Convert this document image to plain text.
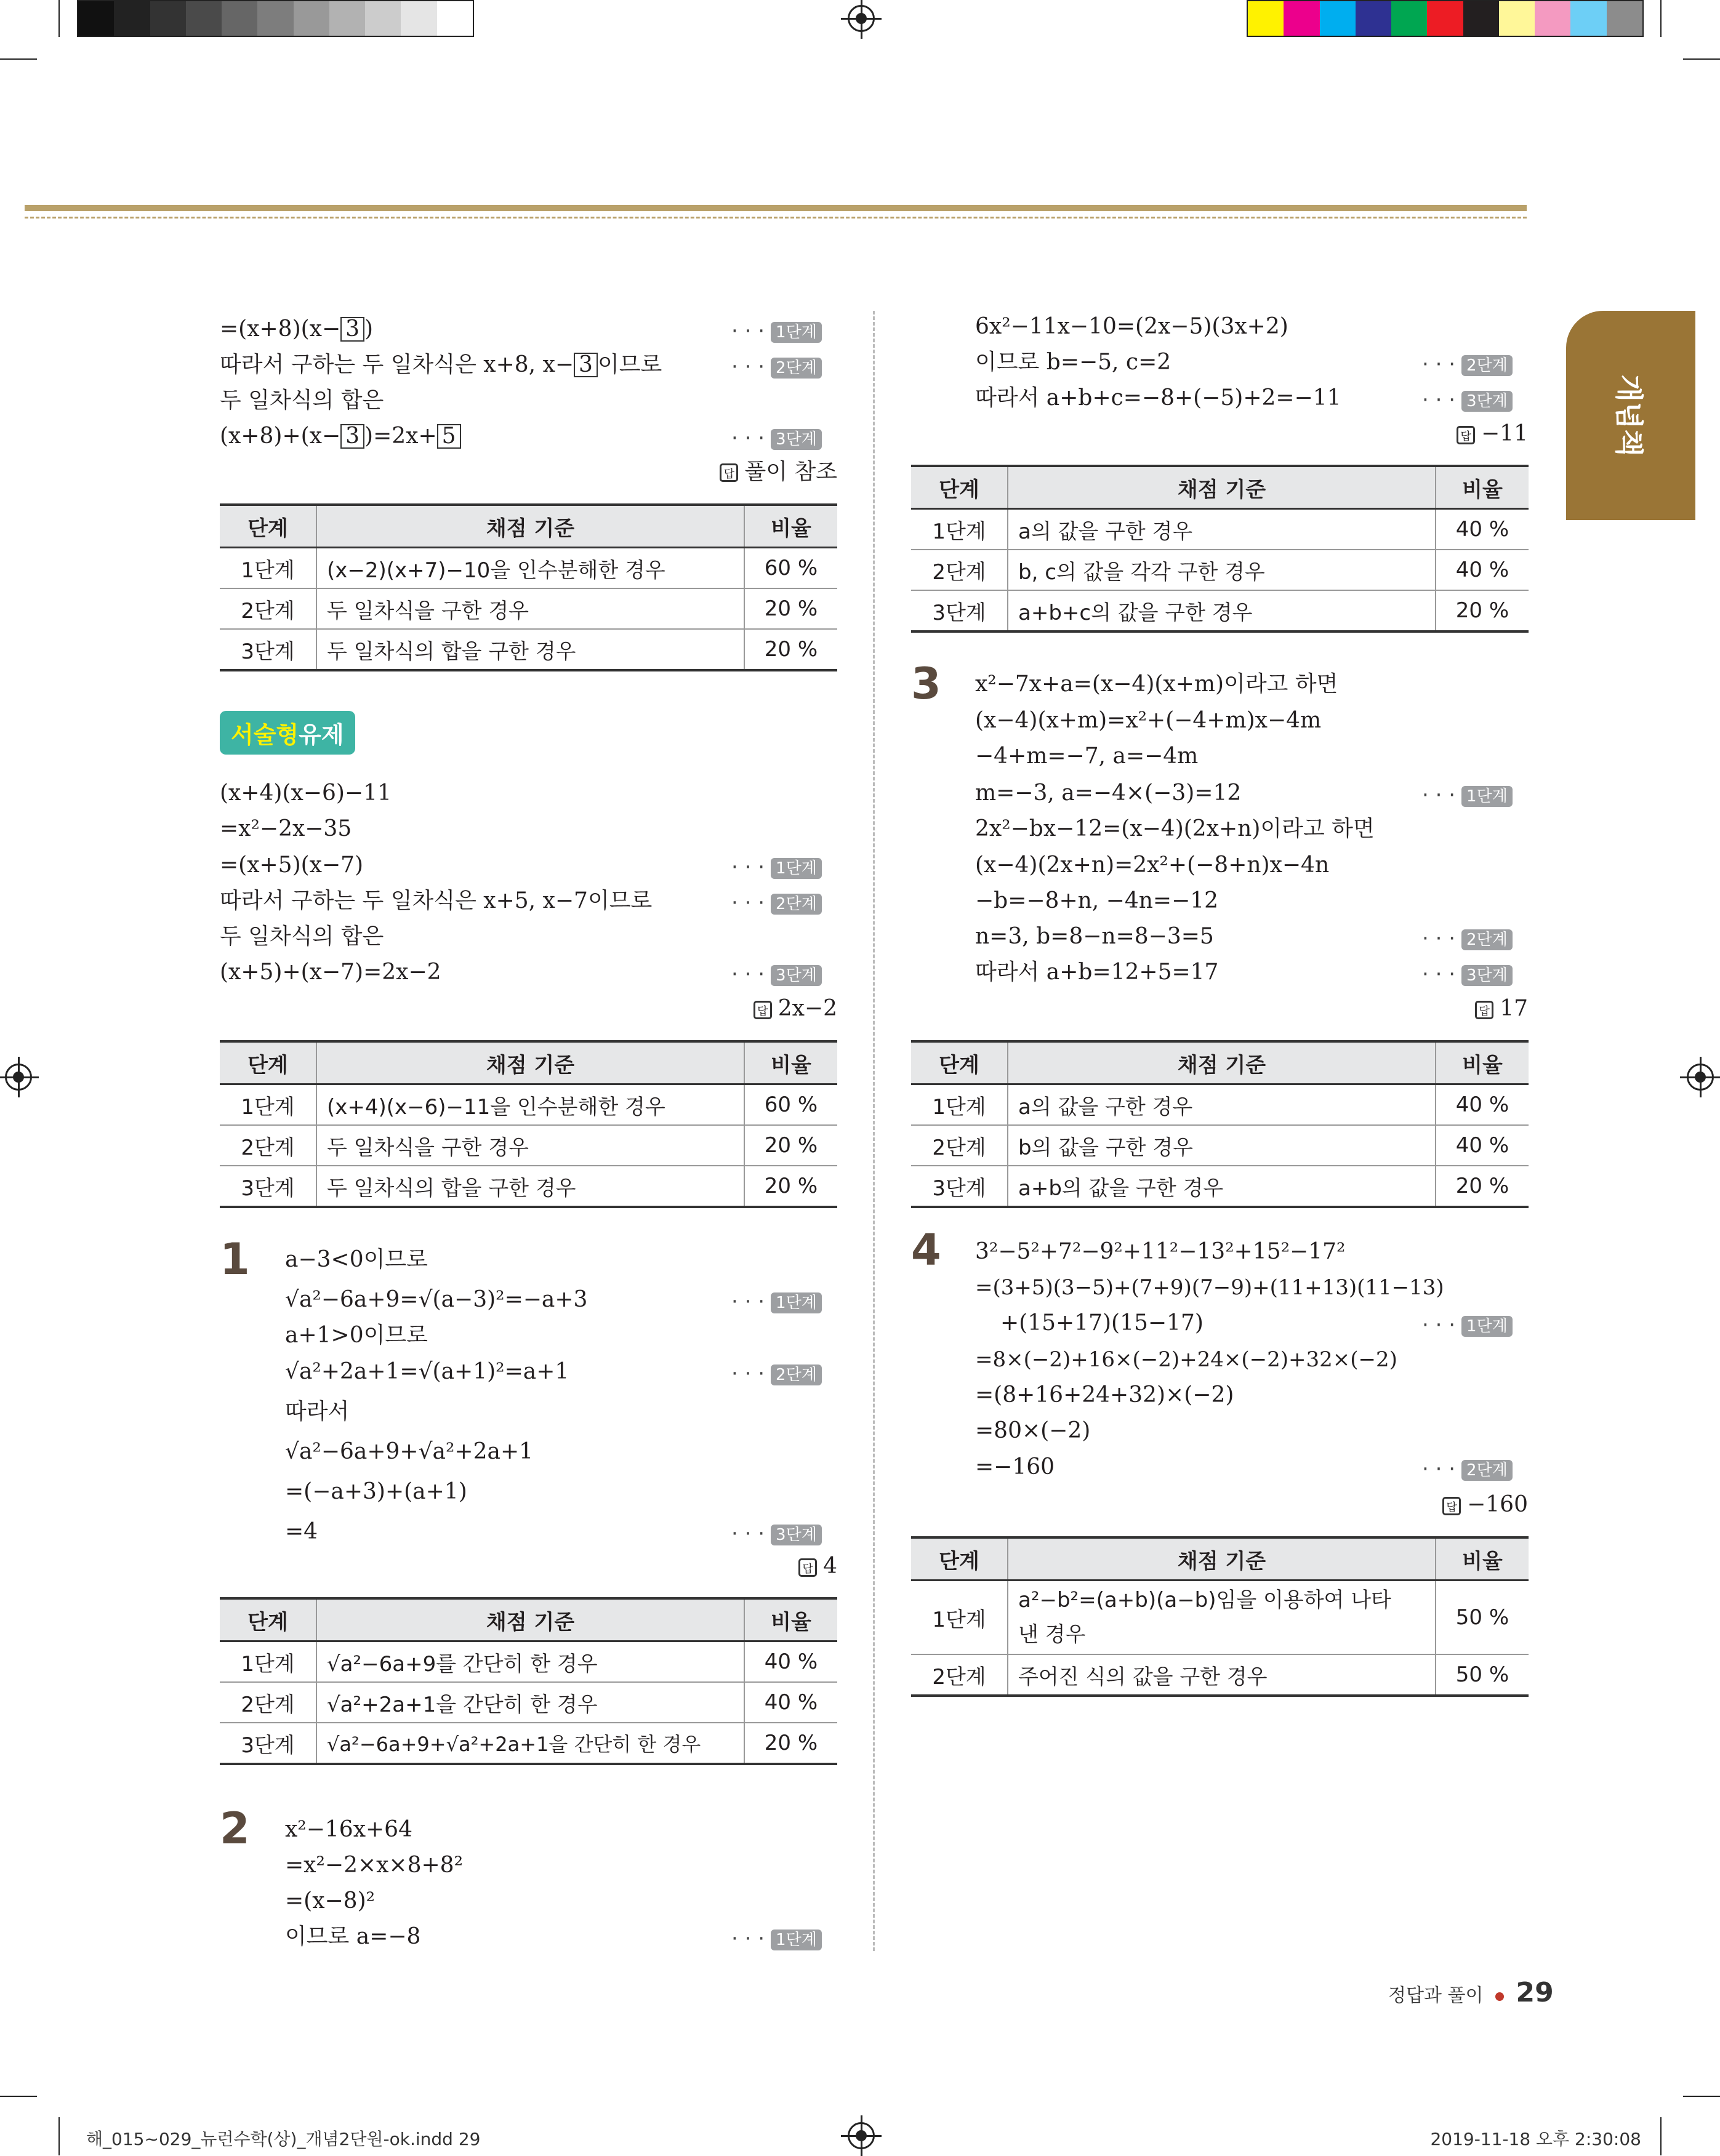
개념책
=(x+8)(x− 3 )
따라서 구하는 두 일차식은 x+8, x− 3 이므로
두 일차식의 합은
(x+8)+(x− 3 )=2x+ 5
· · · 1단계
· · · 2단계
· · · 3단계
답 풀이 참조
단계	채점 기준	비율
1단계	(x−2)(x+7)−10을 인수분해한 경우	60 %
2단계	두 일차식을 구한 경우	20 %
3단계	두 일차식의 합을 구한 경우	20 %
서술형유제
(x+4)(x−6)−11
=x²−2x−35
=(x+5)(x−7)
따라서 구하는 두 일차식은 x+5, x−7이므로
두 일차식의 합은
(x+5)+(x−7)=2x−2
· · · 1단계
· · · 2단계
· · · 3단계
답 2x−2
단계	채점 기준	비율
1단계	(x+4)(x−6)−11을 인수분해한 경우	60 %
2단계	두 일차식을 구한 경우	20 %
3단계	두 일차식의 합을 구한 경우	20 %
1 a−3<0이므로
√a²−6a+9=√(a−3)²=−a+3
a+1>0이므로
√a²+2a+1=√(a+1)²=a+1
따라서
√a²−6a+9+√a²+2a+1
=(−a+3)+(a+1)
=4
· · · 1단계
· · · 2단계
· · · 3단계
답 4
단계	채점 기준	비율
1단계	√a²−6a+9를 간단히 한 경우	40 %
2단계	√a²+2a+1을 간단히 한 경우	40 %
3단계	√a²−6a+9+√a²+2a+1을 간단히 한 경우	20 %
2 x²−16x+64
=x²−2×x×8+8²
=(x−8)²
이므로 a=−8	· · · 1단계
6x²−11x−10=(2x−5)(3x+2)
이므로 b=−5, c=2
따라서 a+b+c=−8+(−5)+2=−11
· · · 2단계
· · · 3단계
답 −11
단계	채점 기준	비율
1단계	a의 값을 구한 경우	40 %
2단계	b, c의 값을 각각 구한 경우	40 %
3단계	a+b+c의 값을 구한 경우	20 %
3 x²−7x+a=(x−4)(x+m)이라고 하면
(x−4)(x+m)=x²+(−4+m)x−4m
−4+m=−7, a=−4m
m=−3, a=−4×(−3)=12
2x²−bx−12=(x−4)(2x+n)이라고 하면
(x−4)(2x+n)=2x²+(−8+n)x−4n
−b=−8+n, −4n=−12
n=3, b=8−n=8−3=5
따라서 a+b=12+5=17
· · · 1단계
· · · 2단계
· · · 3단계
답 17
단계	채점 기준	비율
1단계	a의 값을 구한 경우	40 %
2단계	b의 값을 구한 경우	40 %
3단계	a+b의 값을 구한 경우	20 %
4 3²−5²+7²−9²+11²−13²+15²−17²
=(3+5)(3−5)+(7+9)(7−9)+(11+13)(11−13)
+(15+17)(15−17)
=8×(−2)+16×(−2)+24×(−2)+32×(−2)
=(8+16+24+32)×(−2)
=80×(−2)
=−160
· · · 1단계
· · · 2단계
답 −160
단계	채점 기준	비율
1단계	a²−b²=(a+b)(a−b)임을 이용하여 나타
낸 경우	50 %
2단계	주어진 식의 값을 구한 경우	50 %
정답과 풀이 29
해_015~029_뉴런수학(상)_개념2단원-ok.indd 29	2019-11-18 오후 2:30:08
